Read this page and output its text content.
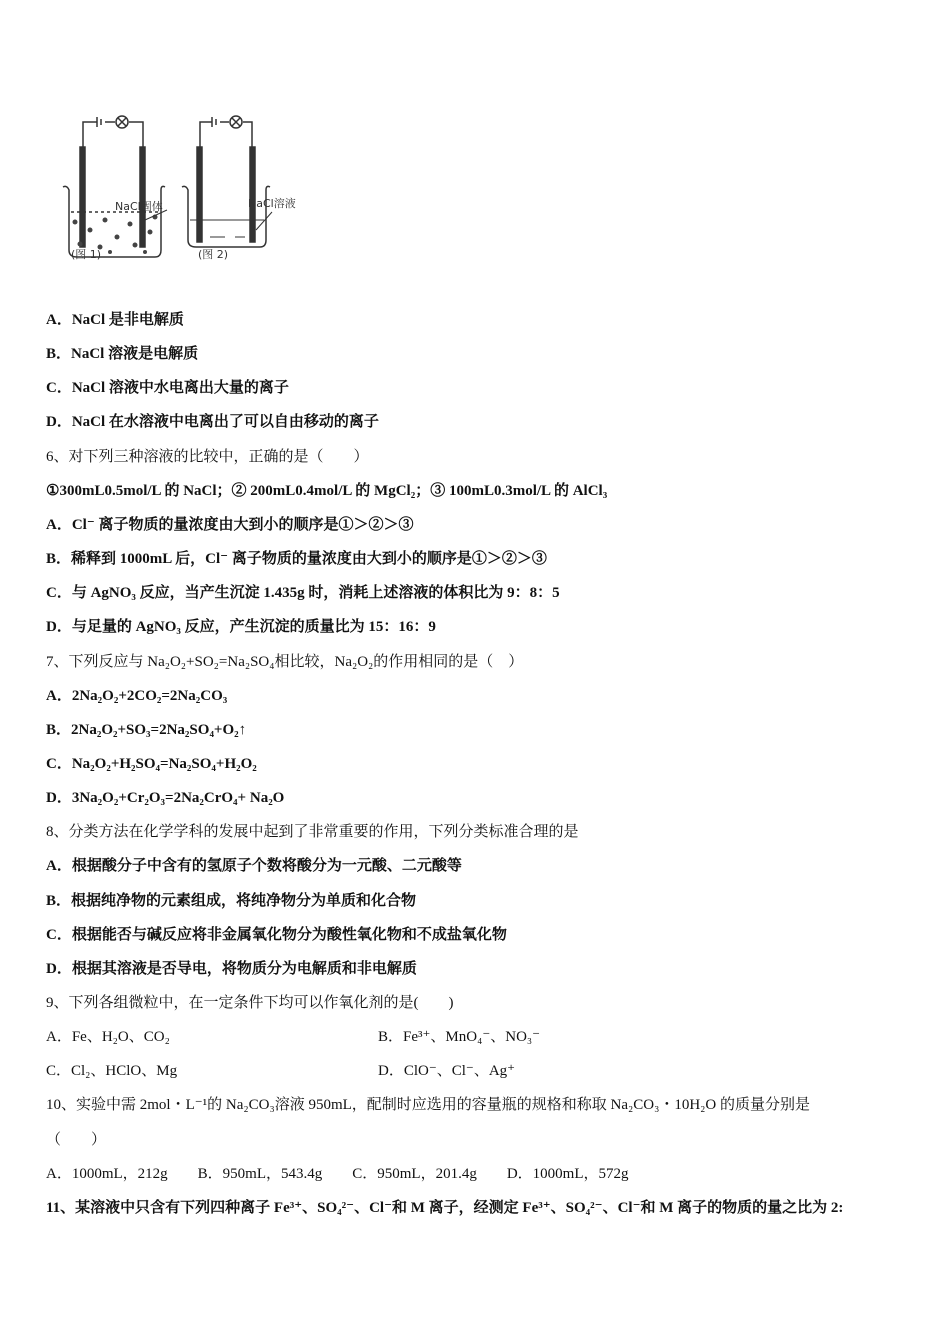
NaCl固体
(图 1)
NaCl溶液
(图 2)
A．NaCl 是非电解质
B．NaCl 溶液是电解质
C．NaCl 溶液中水电离出大量的离子
D．NaCl 在水溶液中电离出了可以自由移动的离子
6、对下列三种溶液的比较中，正确的是（　　）
①300mL0.5mol/L 的 NaCl；② 200mL0.4mol/L 的 MgCl₂；③ 100mL0.3mol/L 的 AlCl₃
A．Cl⁻ 离子物质的量浓度由大到小的顺序是①＞②＞③
B．稀释到 1000mL 后，Cl⁻ 离子物质的量浓度由大到小的顺序是①＞②＞③
C．与 AgNO₃ 反应，当产生沉淀 1.435g 时，消耗上述溶液的体积比为 9：8：5
D．与足量的 AgNO₃ 反应，产生沉淀的质量比为 15：16：9
7、下列反应与 Na₂O₂+SO₂=Na₂SO₄相比较，Na₂O₂的作用相同的是（　）
A．2Na₂O₂+2CO₂=2Na₂CO₃
B．2Na₂O₂+SO₃=2Na₂SO₄+O₂↑
C．Na₂O₂+H₂SO₄=Na₂SO₄+H₂O₂
D．3Na₂O₂+Cr₂O₃=2Na₂CrO₄+ Na₂O
8、分类方法在化学学科的发展中起到了非常重要的作用，下列分类标准合理的是
A．根据酸分子中含有的氢原子个数将酸分为一元酸、二元酸等
B．根据纯净物的元素组成，将纯净物分为单质和化合物
C．根据能否与碱反应将非金属氧化物分为酸性氧化物和不成盐氧化物
D．根据其溶液是否导电，将物质分为电解质和非电解质
9、下列各组微粒中，在一定条件下均可以作氧化剂的是(　　)
A．Fe、H₂O、CO₂	B．Fe³⁺、MnO₄⁻、NO₃⁻
C．Cl₂、HClO、Mg	D．ClO⁻、Cl⁻、Ag⁺
10、实验中需 2mol・L⁻¹的 Na₂CO₃溶液 950mL，配制时应选用的容量瓶的规格和称取 Na₂CO₃・10H₂O 的质量分别是
（　　）
A．1000mL，212g　　B．950mL，543.4g　　C．950mL，201.4g　　D．1000mL，572g
11、某溶液中只含有下列四种离子 Fe³⁺、SO₄²⁻、Cl⁻和 M 离子，经测定 Fe³⁺、SO₄²⁻、Cl⁻和 M 离子的物质的量之比为 2:
